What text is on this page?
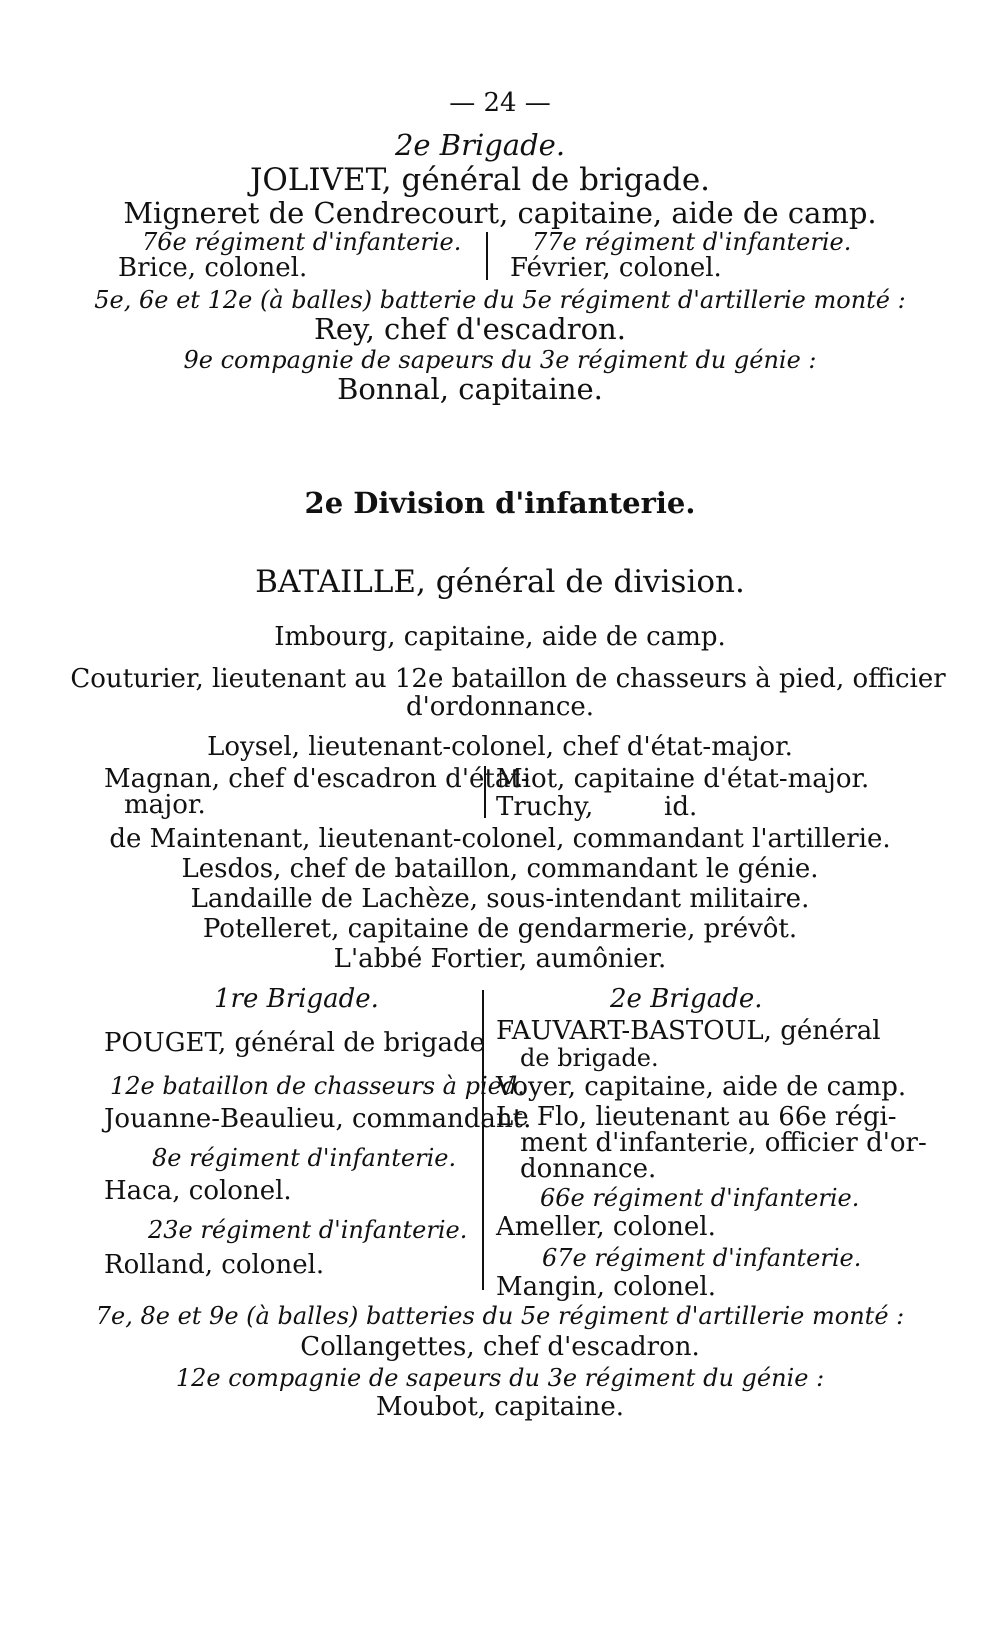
— 24 —
2e Brigade.
JOLIVET, général de brigade.
Migneret de Cendrecourt, capitaine, aide de camp.
76e régiment d'infanterie.
Brice, colonel.
77e régiment d'infanterie.
Février, colonel.
5e, 6e et 12e (à balles) batterie du 5e régiment d'artillerie monté :
Rey, chef d'escadron.
9e compagnie de sapeurs du 3e régiment du génie :
Bonnal, capitaine.
2e Division d'infanterie.
BATAILLE, général de division.
Imbourg, capitaine, aide de camp.
Couturier, lieutenant au 12e bataillon de chasseurs à pied, officier
d'ordonnance.
Loysel, lieutenant-colonel, chef d'état-major.
Magnan, chef d'escadron d'état-
major.
Miot, capitaine d'état-major.
Truchy,	id.
de Maintenant, lieutenant-colonel, commandant l'artillerie.
Lesdos, chef de bataillon, commandant le génie.
Landaille de Lachèze, sous-intendant militaire.
Potelleret, capitaine de gendarmerie, prévôt.
L'abbé Fortier, aumônier.
1re Brigade.
POUGET, général de brigade
12e bataillon de chasseurs à pied.
Jouanne-Beaulieu, commandant.
8e régiment d'infanterie.
Haca, colonel.
23e régiment d'infanterie.
Rolland, colonel.
2e Brigade.
FAUVART-BASTOUL, général
de brigade.
Voyer, capitaine, aide de camp.
Le Flo, lieutenant au 66e régi-
ment d'infanterie, officier d'or-
donnance.
66e régiment d'infanterie.
Ameller, colonel.
67e régiment d'infanterie.
Mangin, colonel.
7e, 8e et 9e (à balles) batteries du 5e régiment d'artillerie monté :
Collangettes, chef d'escadron.
12e compagnie de sapeurs du 3e régiment du génie :
Moubot, capitaine.
